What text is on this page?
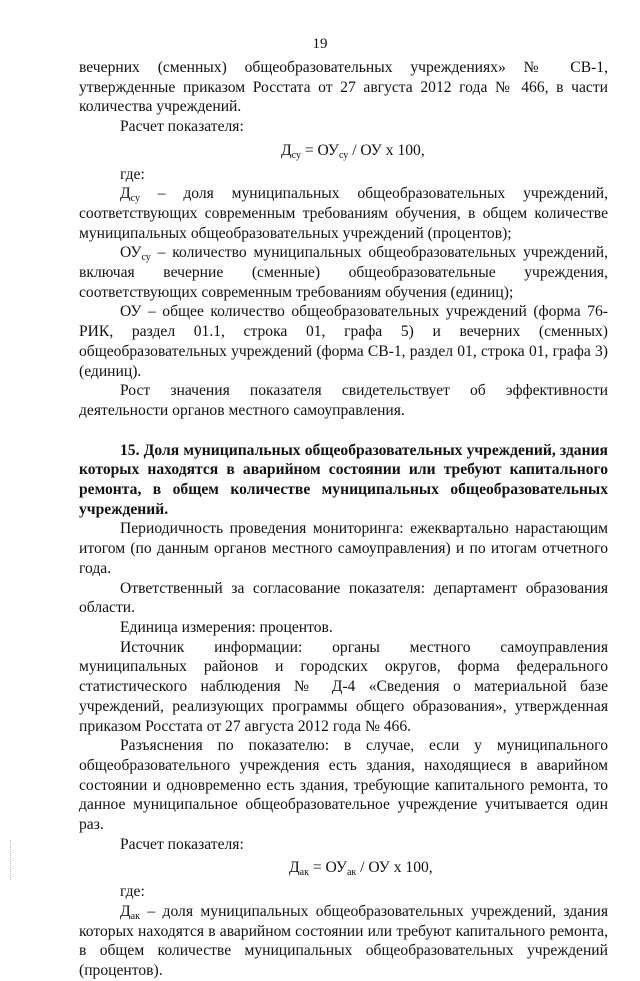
19

вечерних (сменных) общеобразовательных учреждениях» № СВ-1, утвержденные приказом Росстата от 27 августа 2012 года № 466, в части количества учреждений.

Расчет показателя:

$Д_{су} = ОУ_{су}$ / ОУ х 100,

где:

$Д_{су}$ – доля муниципальных общеобразовательных учреждений, соответствующих современным требованиям обучения, в общем количестве муниципальных общеобразовательных учреждений (процентов);

$ОУ_{су}$ – количество муниципальных общеобразовательных учреждений, включая вечерние (сменные) общеобразовательные учреждения, соответствующих современным требованиям обучения (единиц);

ОУ – общее количество общеобразовательных учреждений (форма 76-РИК, раздел 01.1, строка 01, графа 5) и вечерних (сменных) общеобразовательных учреждений (форма СВ-1, раздел 01, строка 01, графа 3) (единиц).

Рост значения показателя свидетельствует об эффективности деятельности органов местного самоуправления.

15. Доля муниципальных общеобразовательных учреждений, здания которых находятся в аварийном состоянии или требуют капитального ремонта, в общем количестве муниципальных общеобразовательных учреждений.

Периодичность проведения мониторинга: ежеквартально нарастающим итогом (по данным органов местного самоуправления) и по итогам отчетного года.

Ответственный за согласование показателя: департамент образования области.

Единица измерения: процентов.

Источник информации: органы местного самоуправления муниципальных районов и городских округов, форма федерального статистического наблюдения № Д-4 «Сведения о материальной базе учреждений, реализующих программы общего образования», утвержденная приказом Росстата от 27 августа 2012 года № 466.

Разъяснения по показателю: в случае, если у муниципального общеобразовательного учреждения есть здания, находящиеся в аварийном состоянии и одновременно есть здания, требующие капитального ремонта, то данное муниципальное общеобразовательное учреждение учитывается один раз.

Расчет показателя:

$Д_{ак} = ОУ_{ак}$ / ОУ х 100,

где:

$Д_{ак}$ – доля муниципальных общеобразовательных учреждений, здания которых находятся в аварийном состоянии или требуют капитального ремонта, в общем количестве муниципальных общеобразовательных учреждений (процентов).
